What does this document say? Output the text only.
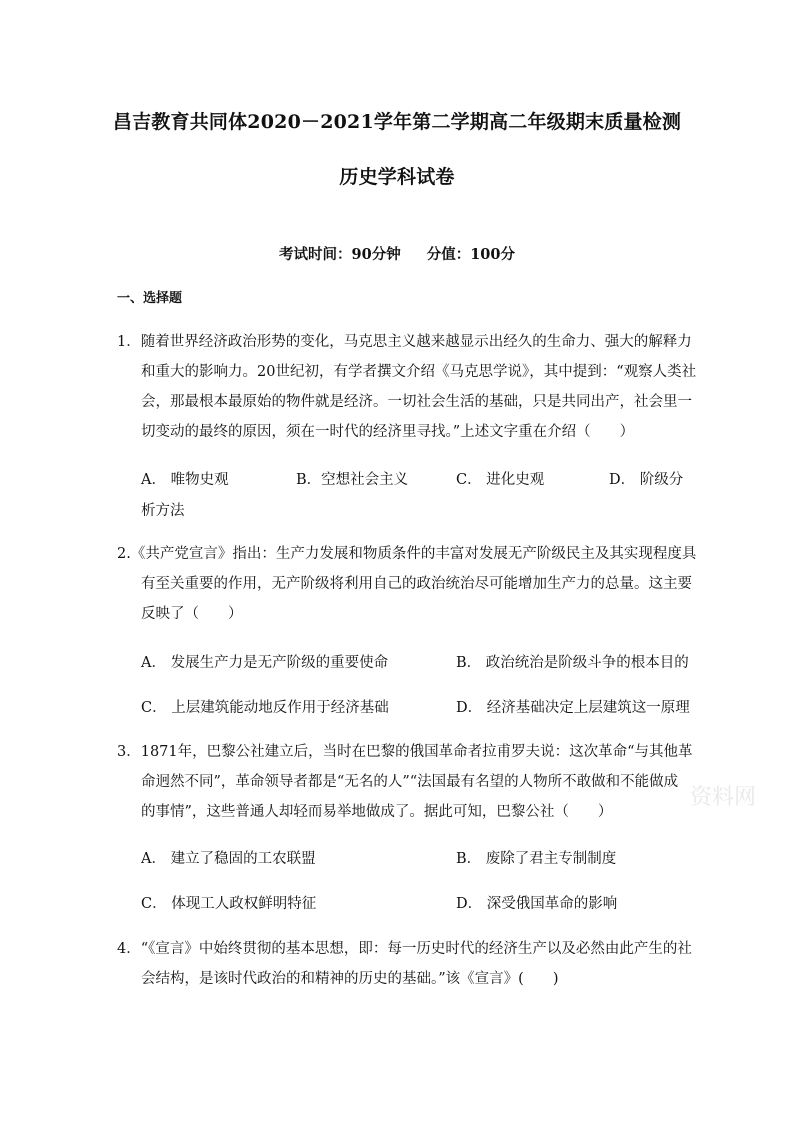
昌吉教育共同体2020－2021学年第二学期高二年级期末质量检测
历史学科试卷
考试时间：90分钟 分值：100分
一、选择题
1．随着世界经济政治形势的变化，马克思主义越来越显示出经久的生命力、强大的解释力
和重大的影响力。20世纪初，有学者撰文介绍《马克思学说》，其中提到：“观察人类社
会，那最根本最原始的物件就是经济。一切社会生活的基础，只是共同出产，社会里一
切变动的最终的原因，须在一时代的经济里寻找。”上述文字重在介绍（　　）
A． 唯物史观	B．空想社会主义	C． 进化史观	D． 阶级分
析方法
2.《共产党宣言》指出：生产力发展和物质条件的丰富对发展无产阶级民主及其实现程度具
有至关重要的作用，无产阶级将利用自己的政治统治尽可能增加生产力的总量。这主要
反映了（　　）
A． 发展生产力是无产阶级的重要使命	B． 政治统治是阶级斗争的根本目的
C． 上层建筑能动地反作用于经济基础	D． 经济基础决定上层建筑这一原理
3．1871年，巴黎公社建立后，当时在巴黎的俄国革命者拉甫罗夫说：这次革命“与其他革
命迥然不同”，革命领导者都是“无名的人”“法国最有名望的人物所不敢做和不能做成
的事情”，这些普通人却轻而易举地做成了。据此可知，巴黎公社（　　）
A． 建立了稳固的工农联盟	B． 废除了君主专制制度
C． 体现工人政权鲜明特征	D． 深受俄国革命的影响
4．“《宣言》中始终贯彻的基本思想，即：每一历史时代的经济生产以及必然由此产生的社
会结构，是该时代政治的和精神的历史的基础。”该《宣言》(　　)
资料网
